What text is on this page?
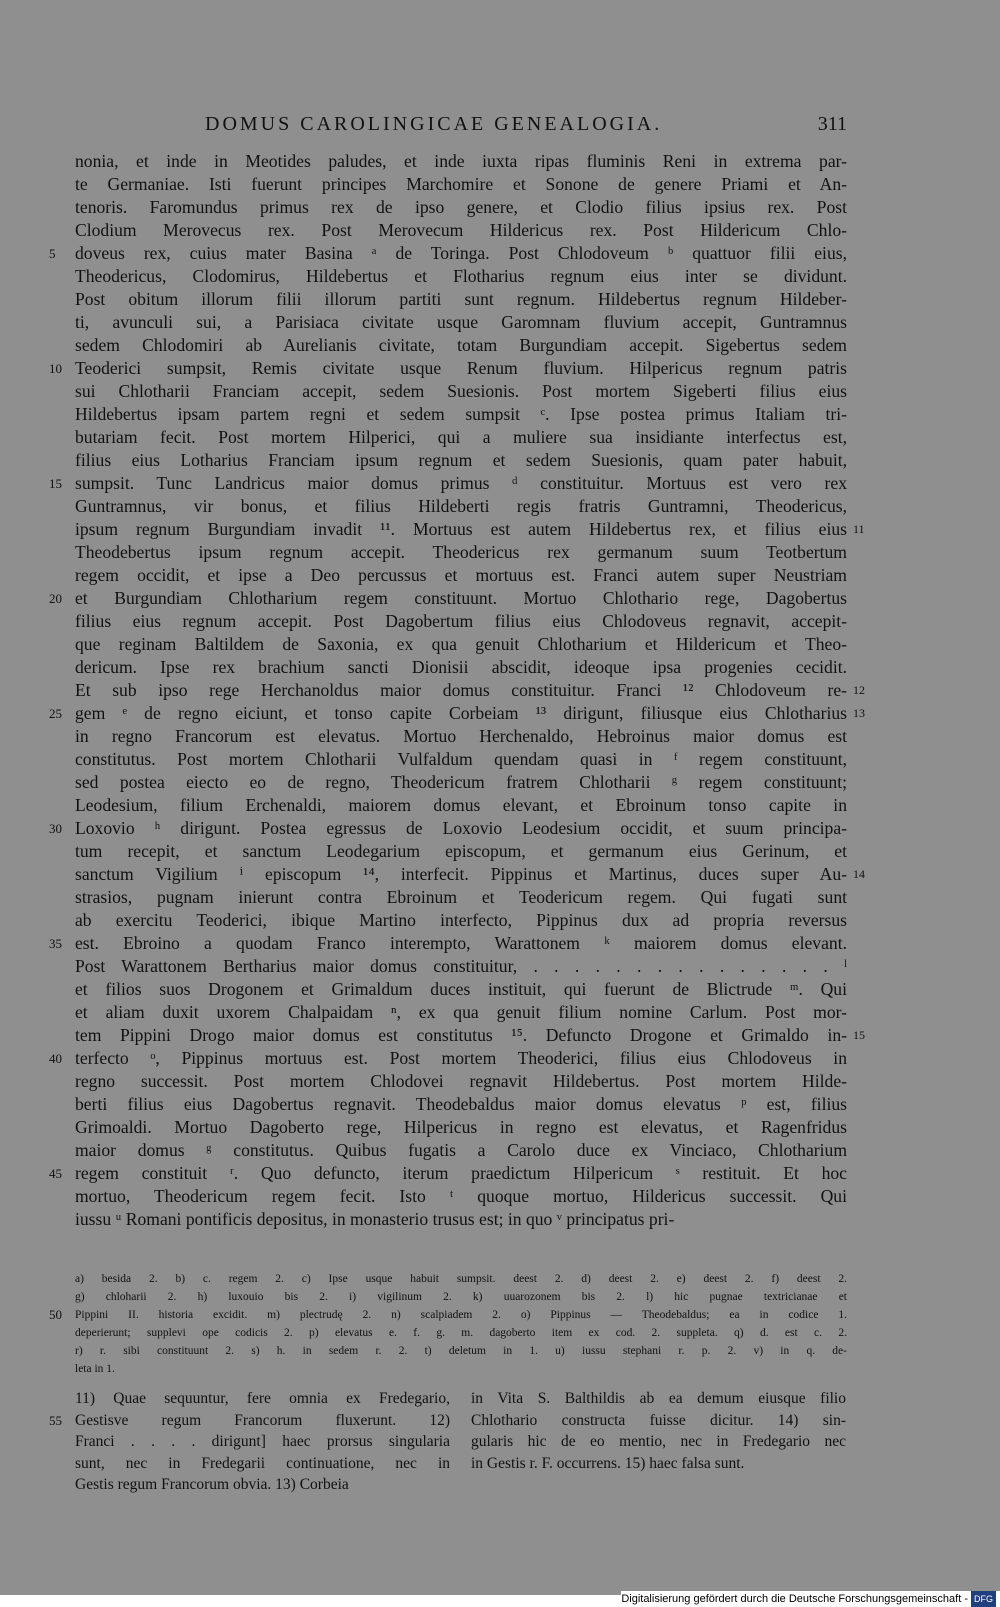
DOMUS CAROLINGICAE GENEALOGIA.	311
nonia, et inde in Meotides paludes, et inde iuxta ripas fluminis Reni in extrema par-
te Germaniae. Isti fuerunt principes Marchomire et Sonone de genere Priami et An-
tenoris. Faromundus primus rex de ipso genere, et Clodio filius ipsius rex. Post
Clodium Merovecus rex. Post Merovecum Hildericus rex. Post Hildericum Chlo-
5	doveus rex, cuius mater Basina ᵃ de Toringa. Post Chlodoveum ᵇ quattuor filii eius,
Theodericus, Clodomirus, Hildebertus et Flotharius regnum eius inter se dividunt.
Post obitum illorum filii illorum partiti sunt regnum. Hildebertus regnum Hildeber-
ti, avunculi sui, a Parisiaca civitate usque Garomnam fluvium accepit, Guntramnus
sedem Chlodomiri ab Aurelianis civitate, totam Burgundiam accepit. Sigebertus sedem
10 Teoderici sumpsit, Remis civitate usque Renum fluvium. Hilpericus regnum patris
sui Chlotharii Franciam accepit, sedem Suesionis. Post mortem Sigeberti filius eius
Hildebertus ipsam partem regni et sedem sumpsit ᶜ. Ipse postea primus Italiam tri-
butariam fecit. Post mortem Hilperici, qui a muliere sua insidiante interfectus est,
filius eius Lotharius Franciam ipsum regnum et sedem Suesionis, quam pater habuit,
15 sumpsit. Tunc Landricus maior domus primus ᵈ constituitur. Mortuus est vero rex
Guntramnus, vir bonus, et filius Hildeberti regis fratris Guntramni, Theodericus,
ipsum regnum Burgundiam invadit ¹¹. Mortuus est autem Hildebertus rex, et filius eius 11
Theodebertus ipsum regnum accepit. Theodericus rex germanum suum Teotbertum
regem occidit, et ipse a Deo percussus et mortuus est. Franci autem super Neustriam
20 et Burgundiam Chlotharium regem constituunt. Mortuo Chlothario rege, Dagobertus
filius eius regnum accepit. Post Dagobertum filius eius Chlodoveus regnavit, accepit-
que reginam Baltildem de Saxonia, ex qua genuit Chlotharium et Hildericum et Theo-
dericum. Ipse rex brachium sancti Dionisii abscidit, ideoque ipsa progenies cecidit.
Et sub ipso rege Herchanoldus maior domus constituitur. Franci ¹² Chlodoveum re- 12
25 gem ᵉ de regno eiciunt, et tonso capite Corbeiam ¹³ dirigunt, filiusque eius Chlotharius 13
in regno Francorum est elevatus. Mortuo Herchenaldo, Hebroinus maior domus est
constitutus. Post mortem Chlotharii Vulfaldum quendam quasi in ᶠ regem constituunt,
sed postea eiecto eo de regno, Theodericum fratrem Chlotharii ᵍ regem constituunt;
Leodesium, filium Erchenaldi, maiorem domus elevant, et Ebroinum tonso capite in
30 Loxovio ʰ dirigunt. Postea egressus de Loxovio Leodesium occidit, et suum principa-
tum recepit, et sanctum Leodegarium episcopum, et germanum eius Gerinum, et
sanctum Vigilium ⁱ episcopum ¹⁴, interfecit. Pippinus et Martinus, duces super Au- 14
strasios, pugnam inierunt contra Ebroinum et Teodericum regem. Qui fugati sunt
ab exercitu Teoderici, ibique Martino interfecto, Pippinus dux ad propria reversus
35 est. Ebroino a quodam Franco interempto, Warattonem ᵏ maiorem domus elevant.
Post Warattonem Bertharius maior domus constituitur, . . . . . . . . . . . . . . . ˡ
et filios suos Drogonem et Grimaldum duces instituit, qui fuerunt de Blictrude ᵐ. Qui
et aliam duxit uxorem Chalpaidam ⁿ, ex qua genuit filium nomine Carlum. Post mor-
tem Pippini Drogo maior domus est constitutus ¹⁵. Defuncto Drogone et Grimaldo in- 15
40 terfecto ᵒ, Pippinus mortuus est. Post mortem Theoderici, filius eius Chlodoveus in
regno successit. Post mortem Chlodovei regnavit Hildebertus. Post mortem Hilde-
berti filius eius Dagobertus regnavit. Theodebaldus maior domus elevatus ᵖ est, filius
Grimoaldi. Mortuo Dagoberto rege, Hilpericus in regno est elevatus, et Ragenfridus
maior domus ᵍ constitutus. Quibus fugatis a Carolo duce ex Vinciaco, Chlotharium
45 regem constituit ʳ. Quo defuncto, iterum praedictum Hilpericum ˢ restituit. Et hoc
mortuo, Theodericum regem fecit. Isto ᵗ quoque mortuo, Hildericus successit. Qui
iussu ᵘ Romani pontificis depositus, in monasterio trusus est; in quo ᵛ principatus pri-
a) besida 2. b) c. regem 2. c) Ipse usque habuit sumpsit. deest 2. d) deest 2. e) deest 2. f) deest 2.
g) chloharii 2. h) luxouio bis 2. i) vigilinum 2. k) uuarozonem bis 2. l) hic pugnae textricianae et
50 Pippini II. historia excidit. m) plectrudę 2. n) scalpiadem 2. o) Pippinus — Theodebaldus; ea in codice 1.
deperierunt; supplevi ope codicis 2. p) elevatus e. f. g. m. dagoberto item ex cod. 2. suppleta. q) d. est c. 2.
r) r. sibi constituunt 2. s) h. in sedem r. 2. t) deletum in 1. u) iussu stephani r. p. 2. v) in q. de-
leta in 1.
11) Quae sequuntur, fere omnia ex Fredegario,
55 Gestisve regum Francorum fluxerunt. 12)
Franci . . . . dirigunt] haec prorsus singularia
sunt, nec in Fredegarii continuatione, nec in
Gestis regum Francorum obvia. 13) Corbeia
in Vita S. Balthildis ab ea demum eiusque filio
Chlothario constructa fuisse dicitur. 14) sin-
gularis hic de eo mentio, nec in Fredegario nec
in Gestis r. F. occurrens. 15) haec falsa sunt.
Digitalisierung gefördert durch die Deutsche Forschungsgemeinschaft - DFG
